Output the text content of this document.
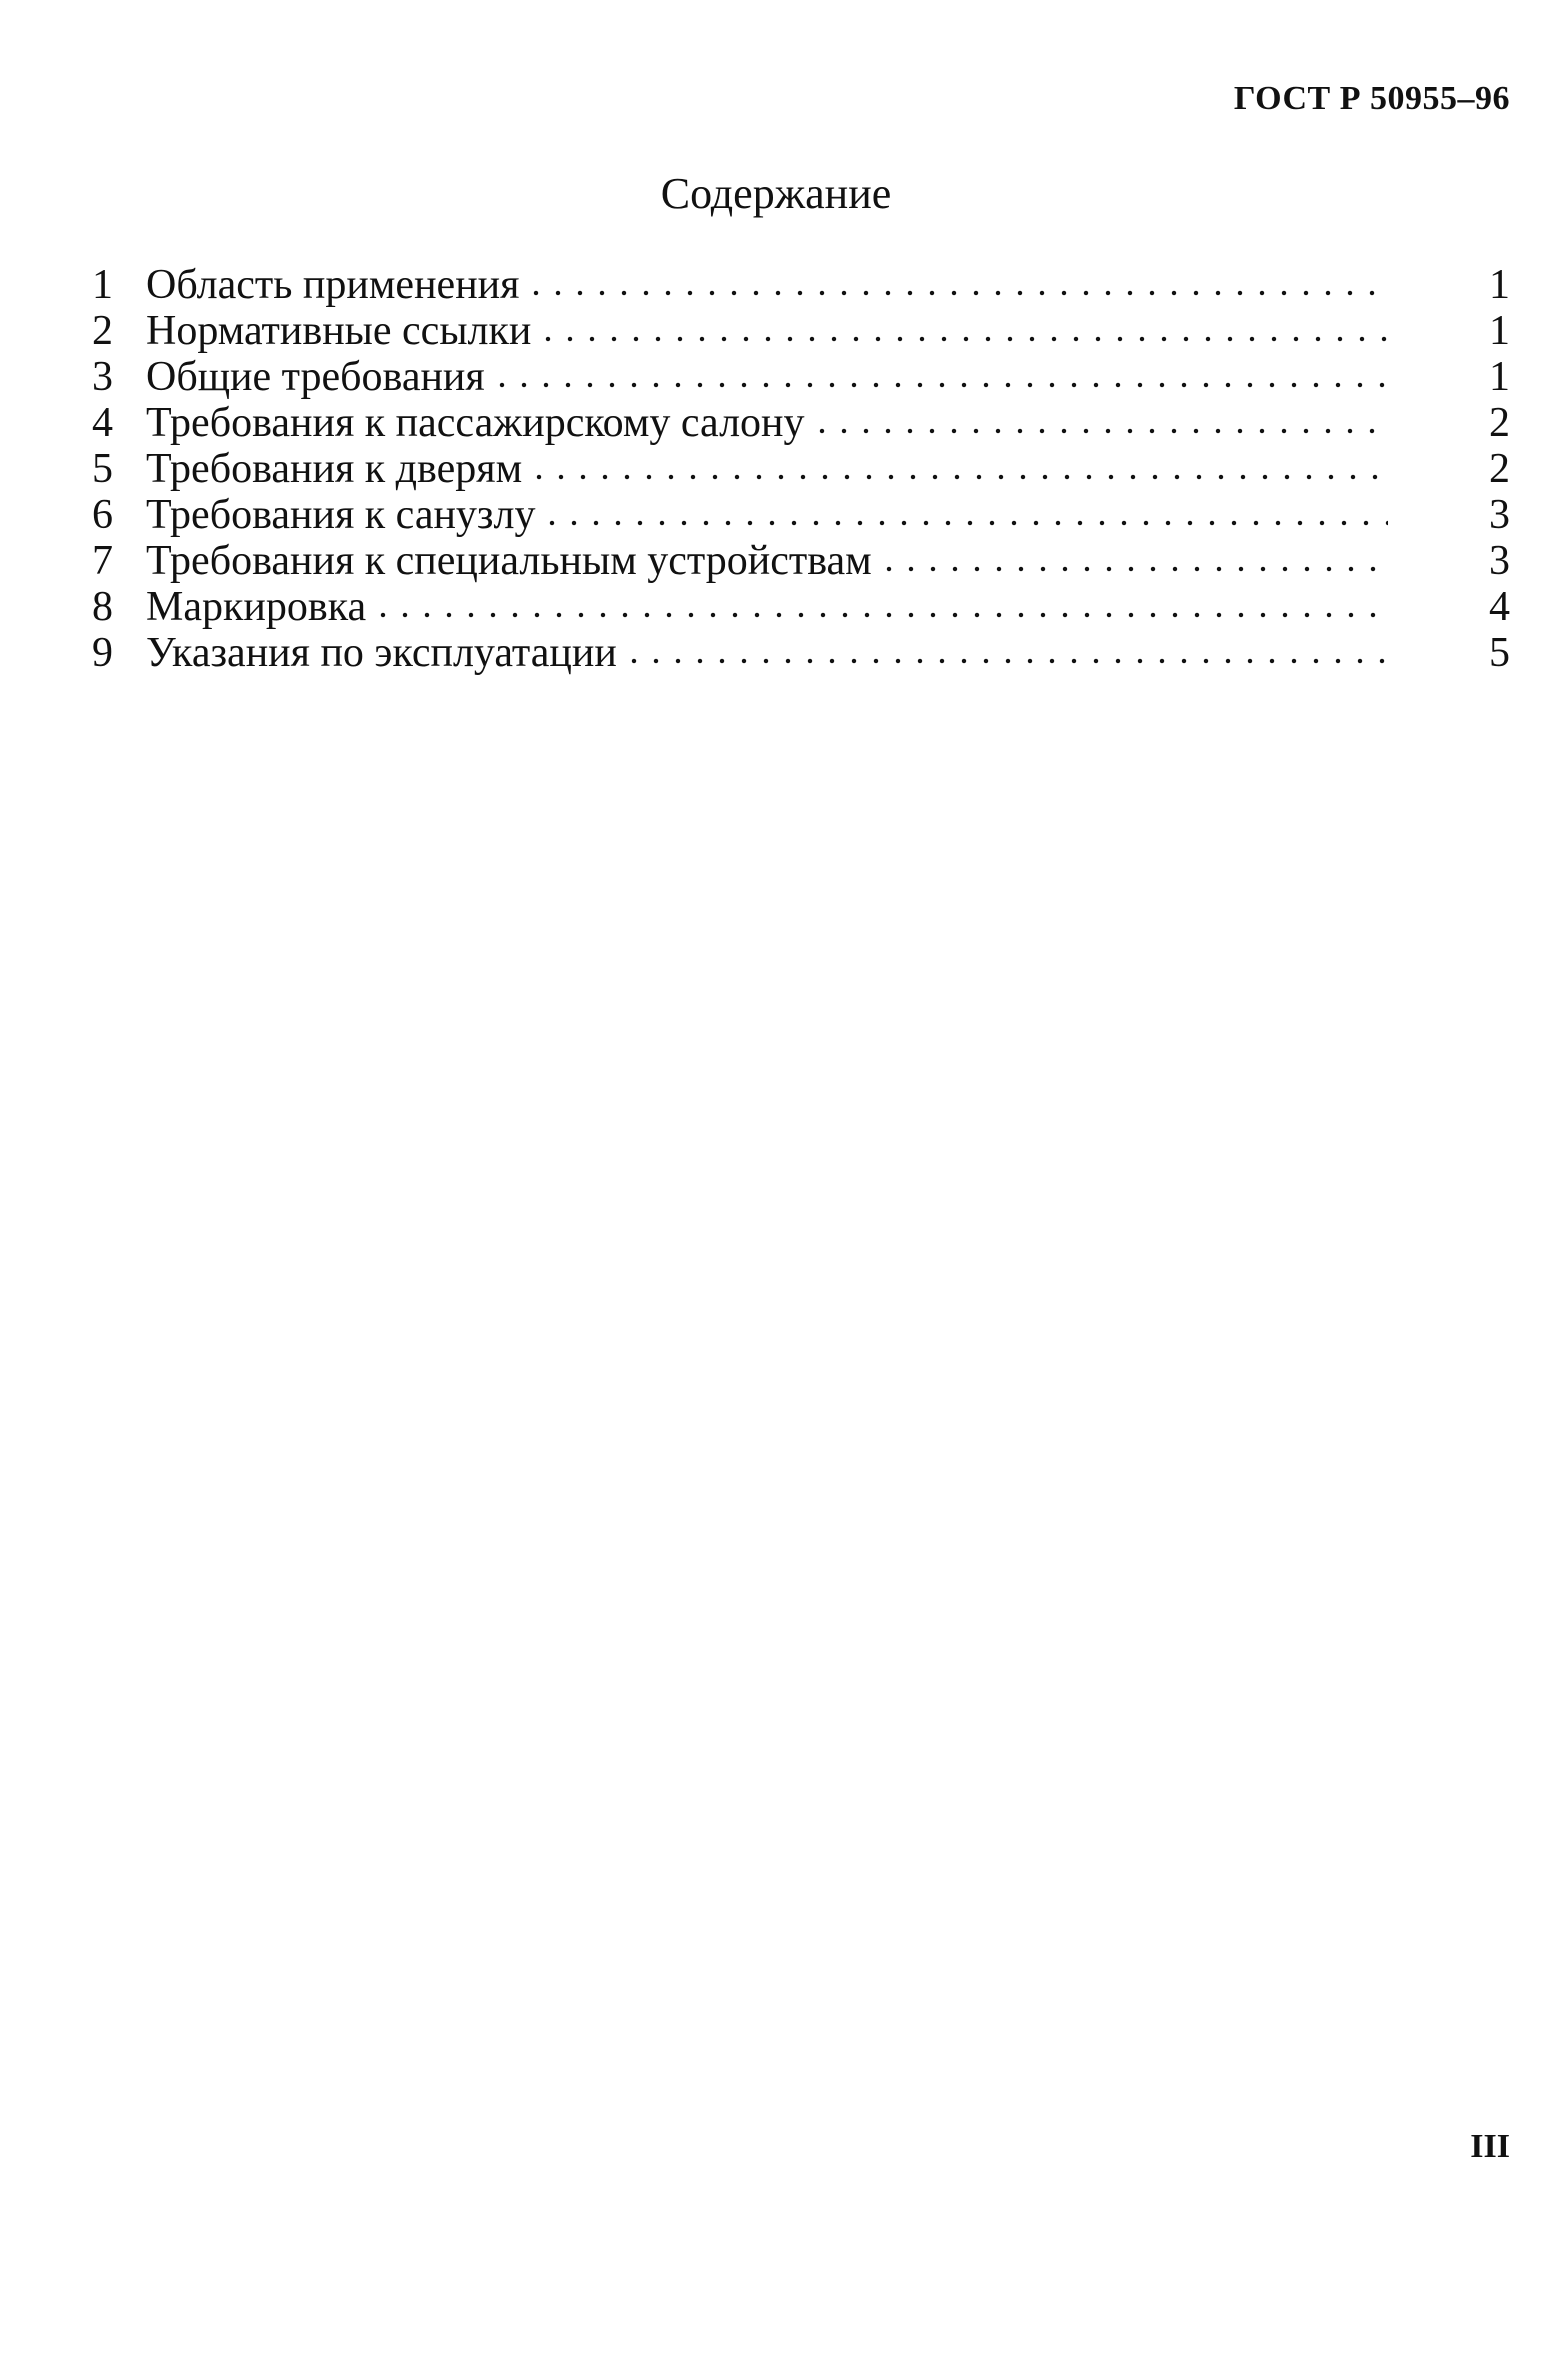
ГОСТ Р 50955–96
Содержание
1 Область применения	1
2 Нормативные ссылки	1
3 Общие требования	1
4 Требования к пассажирскому салону	2
5 Требования к дверям	2
6 Требования к санузлу	3
7 Требования к специальным устройствам	3
8 Маркировка	4
9 Указания по эксплуатации	5
III
